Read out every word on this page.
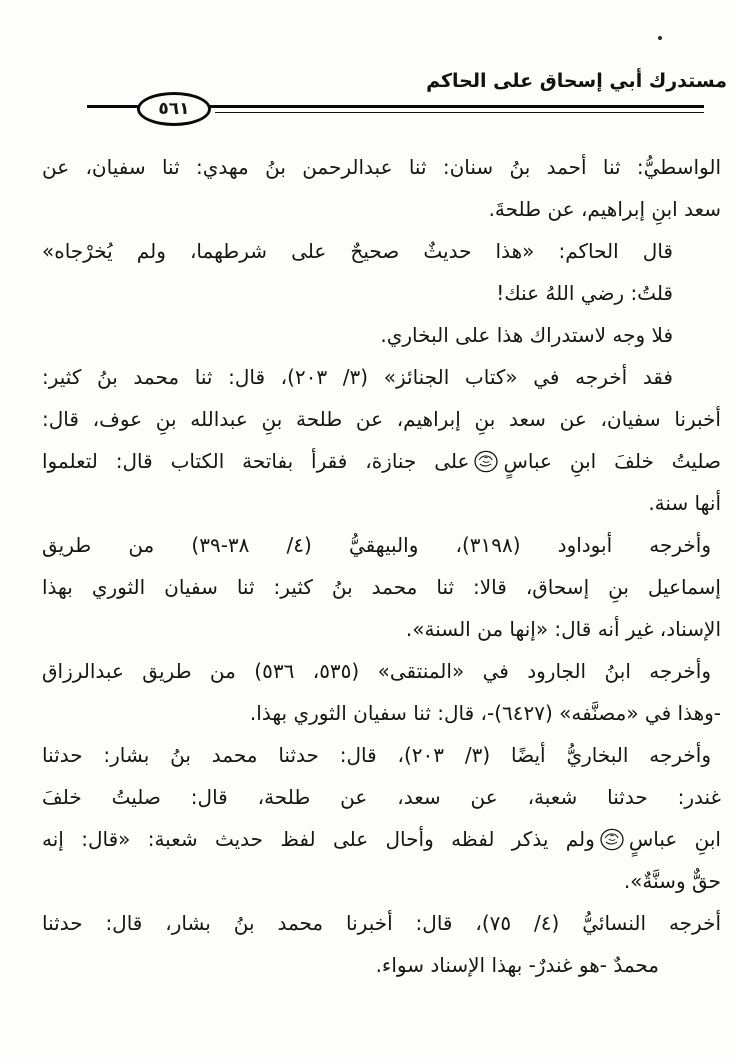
مستدرك أبي إسحاق على الحاكم
٥٦١
الواسطيُّ: ثنا أحمد بنُ سنان: ثنا عبدالرحمن بنُ مهدي: ثنا سفيان، عن
سعد ابنِ إبراهيم، عن طلحةَ.
قال الحاكم: «هذا حديثٌ صحيحٌ على شرطهما، ولم يُخرْجاه»
قلتُ: رضي اللهُ عنك!
فلا وجه لاستدراك هذا على البخاري.
فقد أخرجه في «كتاب الجنائز» (٣/ ٢٠٣)، قال: ثنا محمد بنُ كثير:
أخبرنا سفيان، عن سعد بنِ إبراهيم، عن طلحة بنِ عبدالله بنِ عوف، قال:
صليتُ خلفَ ابنِ عباسٍ
على جنازة، فقرأ بفاتحة الكتاب قال: لتعلموا
أنها سنة.
وأخرجه أبوداود (٣١٩٨)، والبيهقيُّ (٤/ ٣٨-٣٩) من طريق
إسماعيل بنِ إسحاق، قالا: ثنا محمد بنُ كثير: ثنا سفيان الثوري بهذا
الإسناد، غير أنه قال: «إنها من السنة».
وأخرجه ابنُ الجارود في «المنتقى» (٥٣٥، ٥٣٦) من طريق عبدالرزاق
-وهذا في «مصنَّفه» (٦٤٢٧)-، قال: ثنا سفيان الثوري بهذا.
وأخرجه البخاريُّ أيضًا (٣/ ٢٠٣)، قال: حدثنا محمد بنُ بشار: حدثنا
غندر: حدثنا شعبة، عن سعد، عن طلحة، قال: صليتُ خلفَ
ابنِ عباسٍ
ولم يذكر لفظه وأحال على لفظ حديث شعبة: «قال: إنه
حقٌّ وسنَّةٌ».
أخرجه النسائيُّ (٤/ ٧٥)، قال: أخبرنا محمد بنُ بشار، قال: حدثنا
محمدٌ -هو غندرٌ- بهذا الإسناد سواء.
